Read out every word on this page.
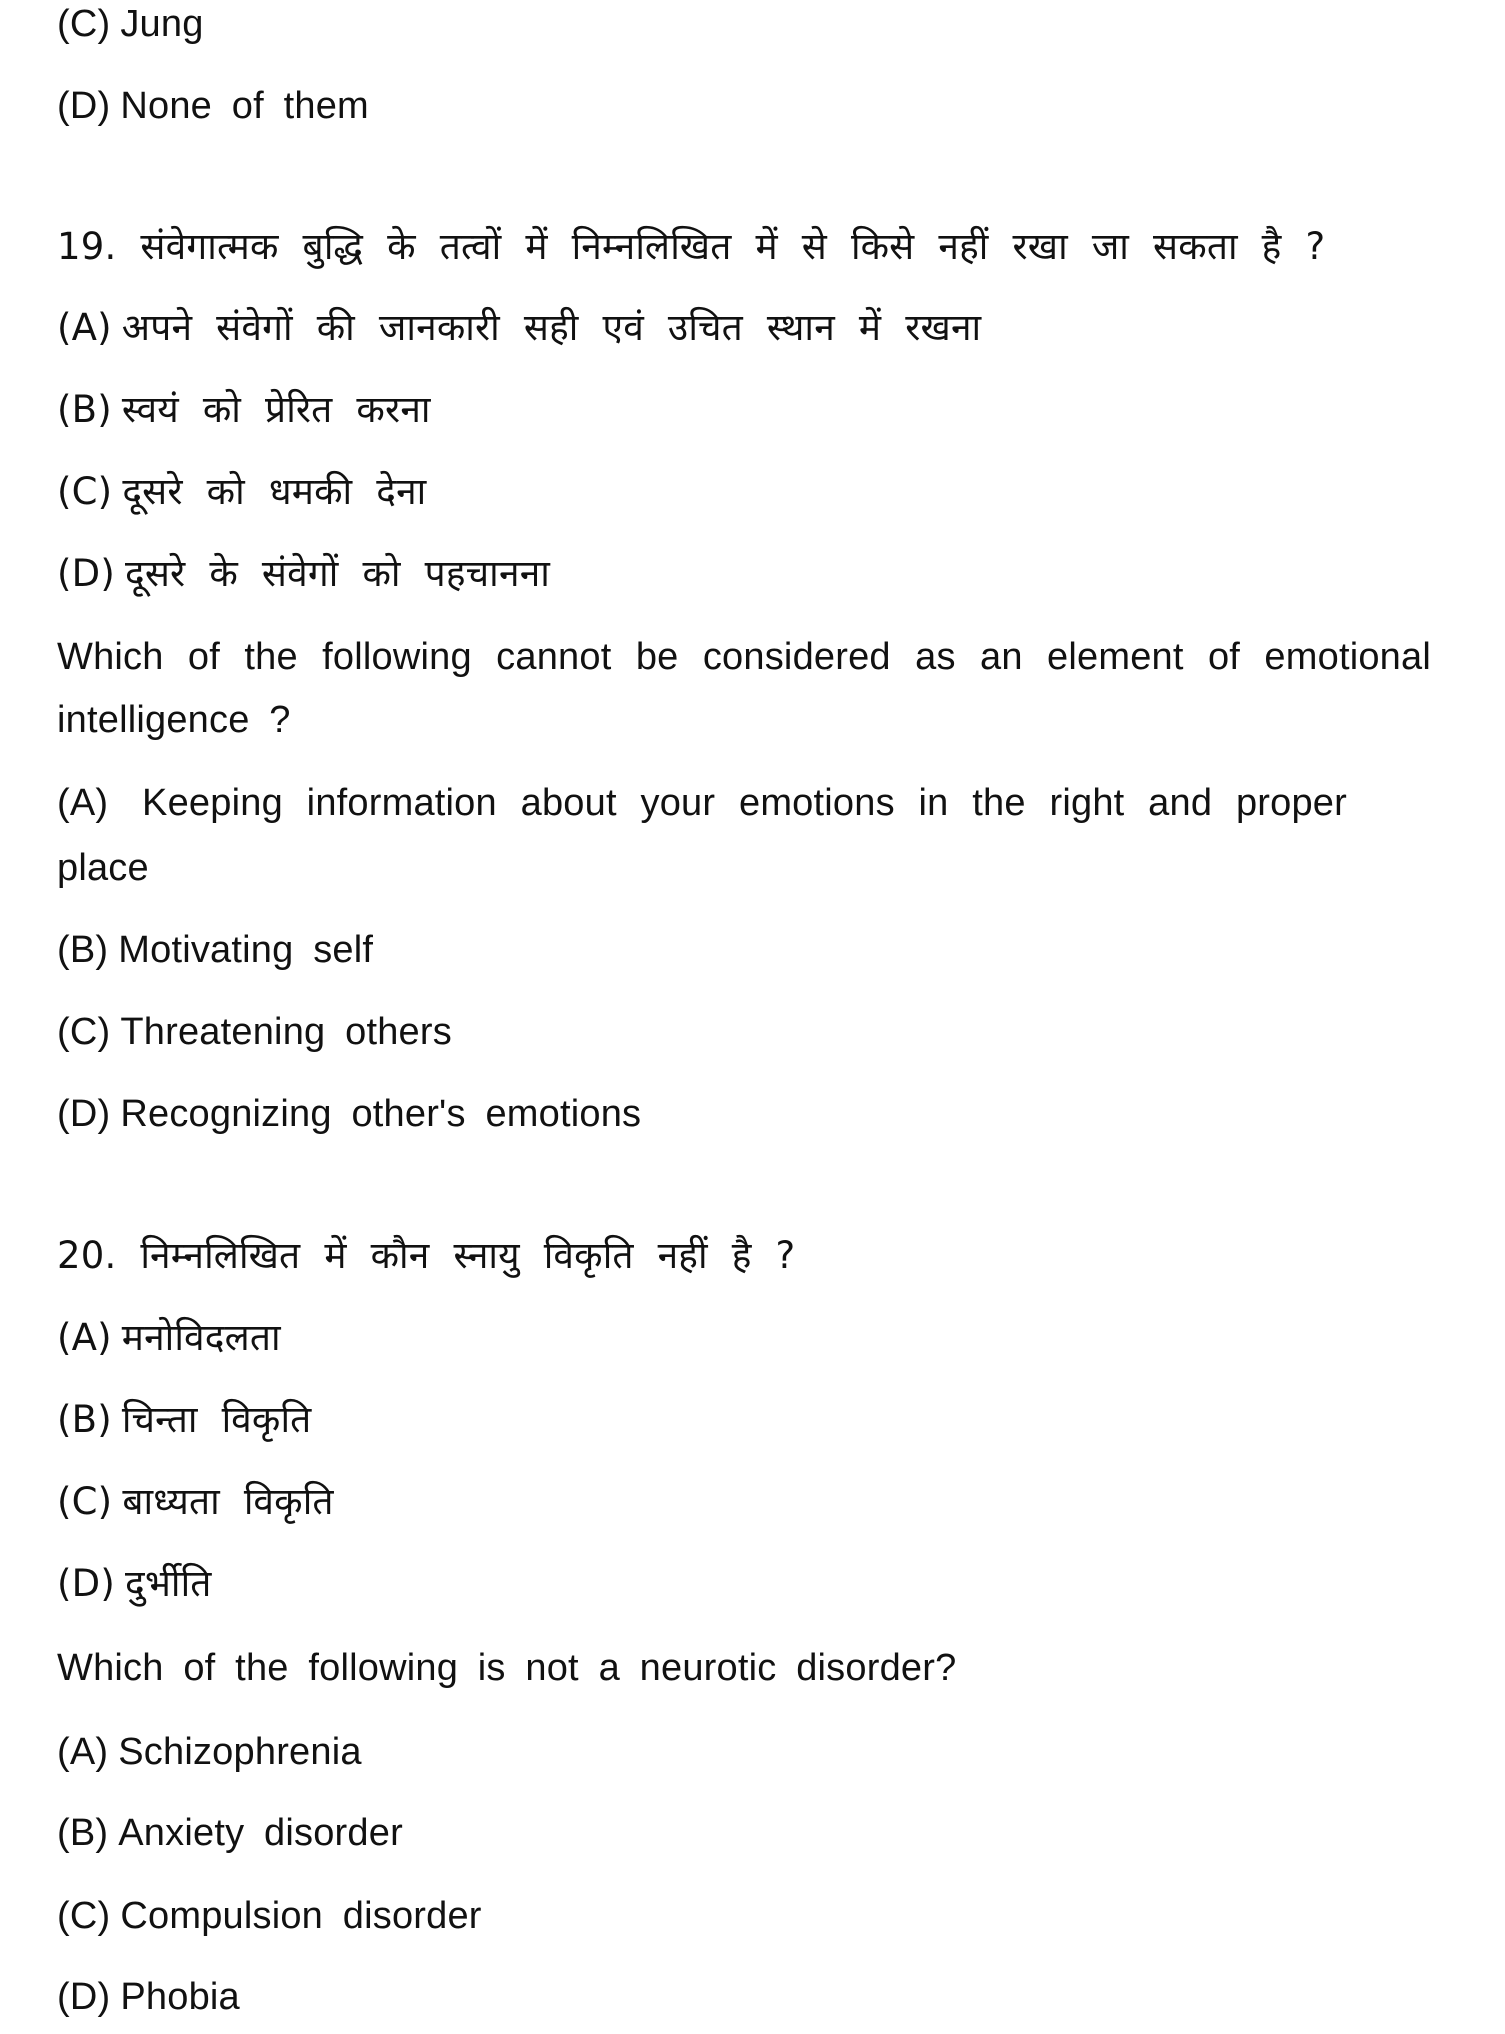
(C) Jung
(D) None of them
19. संवेगात्मक बुद्धि के तत्वों में निम्नलिखित में से किसे नहीं रखा जा सकता है ?
(A) अपने संवेगों की जानकारी सही एवं उचित स्थान में रखना
(B) स्वयं को प्रेरित करना
(C) दूसरे को धमकी देना
(D) दूसरे के संवेगों को पहचानना
Which of the following cannot be considered as an element of emotional
intelligence ?
(A) Keeping information about your emotions in the right and proper
place
(B) Motivating self
(C) Threatening others
(D) Recognizing other's emotions
20. निम्नलिखित में कौन स्नायु विकृति नहीं है ?
(A) मनोविदलता
(B) चिन्ता विकृति
(C) बाध्यता विकृति
(D) दुर्भीति
Which of the following is not a neurotic disorder?
(A) Schizophrenia
(B) Anxiety disorder
(C) Compulsion disorder
(D) Phobia
